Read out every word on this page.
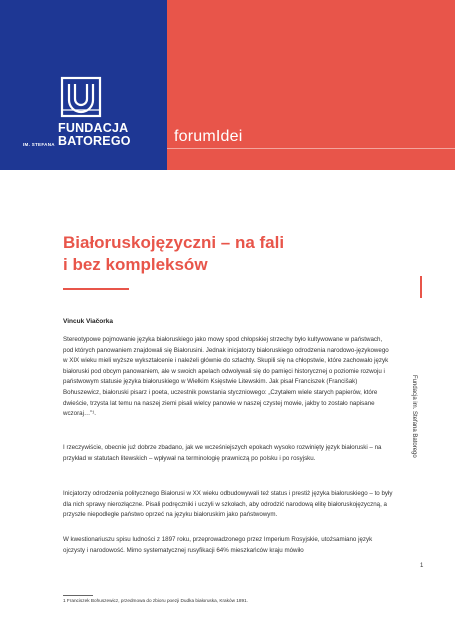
FUNDACJA
IM. STEFANA BATOREGO	forumIdei
Białoruskojęzyczni – na fali
i bez kompleksów
Vincuk Viačorka

Stereotypowe pojmowanie języka białoruskiego jako mowy spod chłopskiej strzechy było kultywowane w państwach, pod których panowaniem znajdowali się Białorusini. Jednak inicjatorzy białoruskiego odrodzenia narodowo-językowego w XIX wieku mieli wyższe wykształcenie i należeli głównie do szlachty. Skupili się na chłopstwie, które zachowało język białoruski pod obcym panowaniem, ale w swoich apelach odwoływali się do pamięci historycznej o poziomie rozwoju i państwowym statusie języka białoruskiego w Wielkim Księstwie Litewskim. Jak pisał Franciszek (Francišak) Bohuszewicz, białoruski pisarz i poeta, uczestnik powstania styczniowego: „Czytałem wiele starych papierów, które dwieście, trzysta lat temu na naszej ziemi pisali wielcy panowie w naszej czystej mowie, jakby to zostało napisane wczoraj…”¹.

I rzeczywiście, obecnie już dobrze zbadano, jak we wcześniejszych epokach wysoko rozwinięty język białoruski – na przykład w statutach litewskich – wpływał na terminologię prawniczą po polsku i po rosyjsku.

Inicjatorzy odrodzenia politycznego Białorusi w XX wieku odbudowywali też status i prestiż języka białoruskiego – to były dla nich sprawy nierozłączne. Pisali podręczniki i uczyli w szkołach, aby odrodzić narodową elitę białoruskojęzyczną, a przyszłe niepodległe państwo oprzeć na języku białoruskim jako państwowym.

W kwestionariuszu spisu ludności z 1897 roku, przeprowadzonego przez Imperium Rosyjskie, utożsamiano język ojczysty i narodowość. Mimo systematycznej rusyfikacji 64% mieszkańców kraju mówiło

1 Franciszek Bohuszewicz, przedmowa do zbioru poezji Dudka białoruska, Kraków 1891.
Fundacja im. Stefana Batorego
1
